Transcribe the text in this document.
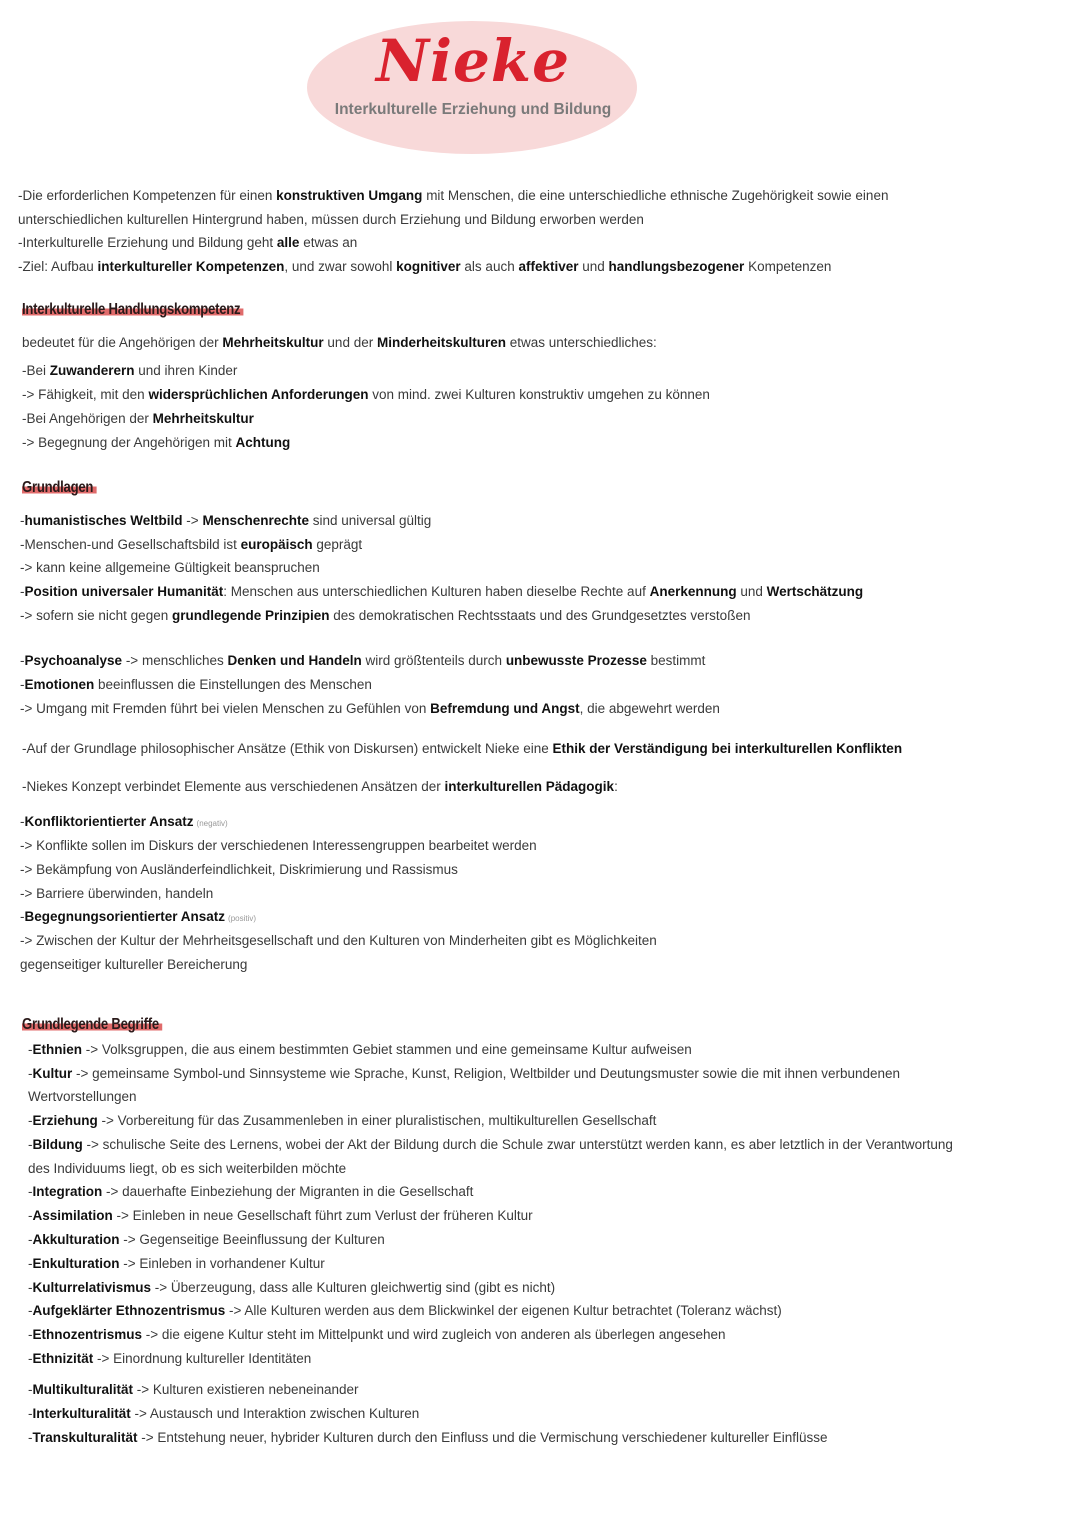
Nieke
Interkulturelle Erziehung und Bildung
-Die erforderlichen Kompetenzen für einen konstruktiven Umgang mit Menschen, die eine unterschiedliche ethnische Zugehörigkeit sowie einen
unterschiedlichen kulturellen Hintergrund haben, müssen durch Erziehung und Bildung erworben werden
-Interkulturelle Erziehung und Bildung geht alle etwas an
-Ziel: Aufbau interkultureller Kompetenzen, und zwar sowohl kognitiver als auch affektiver und handlungsbezogener Kompetenzen
Interkulturelle Handlungskompetenz
bedeutet für die Angehörigen der Mehrheitskultur und der Minderheitskulturen etwas unterschiedliches:
-Bei Zuwanderern und ihren Kinder
-> Fähigkeit, mit den widersprüchlichen Anforderungen von mind. zwei Kulturen konstruktiv umgehen zu können
-Bei Angehörigen der Mehrheitskultur
-> Begegnung der Angehörigen mit Achtung
Grundlagen
-humanistisches Weltbild -> Menschenrechte sind universal gültig
-Menschen-und Gesellschaftsbild ist europäisch geprägt
-> kann keine allgemeine Gültigkeit beanspruchen
-Position universaler Humanität: Menschen aus unterschiedlichen Kulturen haben dieselbe Rechte auf Anerkennung und Wertschätzung
-> sofern sie nicht gegen grundlegende Prinzipien des demokratischen Rechtsstaats und des Grundgesetztes verstoßen
-Psychoanalyse -> menschliches Denken und Handeln wird größtenteils durch unbewusste Prozesse bestimmt
-Emotionen beeinflussen die Einstellungen des Menschen
-> Umgang mit Fremden führt bei vielen Menschen zu Gefühlen von Befremdung und Angst, die abgewehrt werden
-Auf der Grundlage philosophischer Ansätze (Ethik von Diskursen) entwickelt Nieke eine Ethik der Verständigung bei interkulturellen Konflikten
-Niekes Konzept verbindet Elemente aus verschiedenen Ansätzen der interkulturellen Pädagogik:
-Konfliktorientierter Ansatz (negativ)
-> Konflikte sollen im Diskurs der verschiedenen Interessengruppen bearbeitet werden
-> Bekämpfung von Ausländerfeindlichkeit, Diskrimierung und Rassismus
-> Barriere überwinden, handeln
-Begegnungsorientierter Ansatz (positiv)
-> Zwischen der Kultur der Mehrheitsgesellschaft und den Kulturen von Minderheiten gibt es Möglichkeiten
gegenseitiger kultureller Bereicherung
Grundlegende Begriffe
-Ethnien -> Volksgruppen, die aus einem bestimmten Gebiet stammen und eine gemeinsame Kultur aufweisen
-Kultur -> gemeinsame Symbol-und Sinnsysteme wie Sprache, Kunst, Religion, Weltbilder und Deutungsmuster sowie die mit ihnen verbundenen
Wertvorstellungen
-Erziehung -> Vorbereitung für das Zusammenleben in einer pluralistischen, multikulturellen Gesellschaft
-Bildung -> schulische Seite des Lernens, wobei der Akt der Bildung durch die Schule zwar unterstützt werden kann, es aber letztlich in der Verantwortung
des Individuums liegt, ob es sich weiterbilden möchte
-Integration -> dauerhafte Einbeziehung der Migranten in die Gesellschaft
-Assimilation -> Einleben in neue Gesellschaft führt zum Verlust der früheren Kultur
-Akkulturation -> Gegenseitige Beeinflussung der Kulturen
-Enkulturation -> Einleben in vorhandener Kultur
-Kulturrelativismus -> Überzeugung, dass alle Kulturen gleichwertig sind (gibt es nicht)
-Aufgeklärter Ethnozentrismus -> Alle Kulturen werden aus dem Blickwinkel der eigenen Kultur betrachtet (Toleranz wächst)
-Ethnozentrismus -> die eigene Kultur steht im Mittelpunkt und wird zugleich von anderen als überlegen angesehen
-Ethnizität -> Einordnung kultureller Identitäten
-Multikulturalität -> Kulturen existieren nebeneinander
-Interkulturalität -> Austausch und Interaktion zwischen Kulturen
-Transkulturalität -> Entstehung neuer, hybrider Kulturen durch den Einfluss und die Vermischung verschiedener kultureller Einflüsse
